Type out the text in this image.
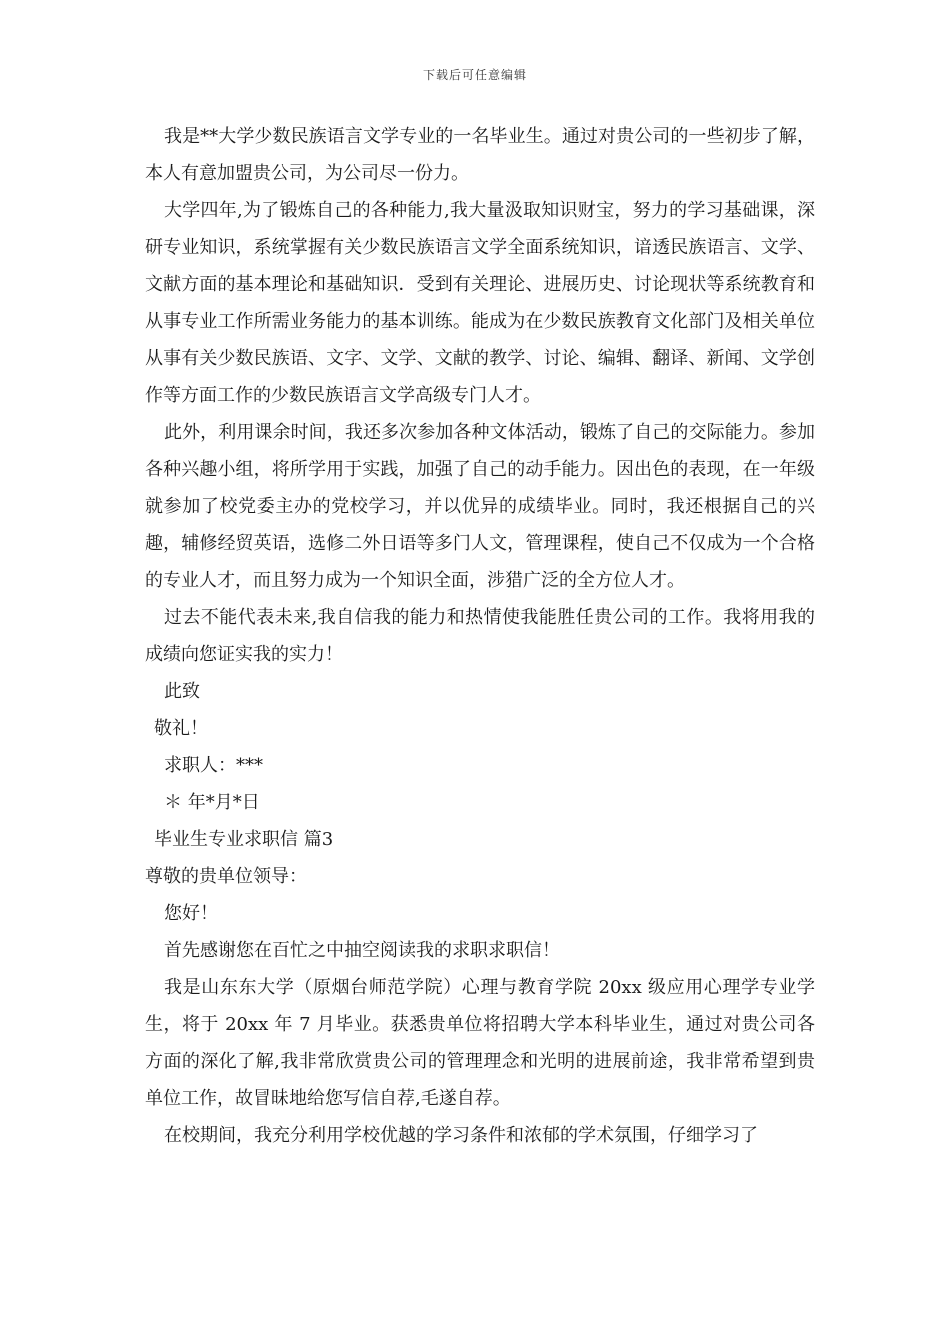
下载后可任意编辑

我是**大学少数民族语言文学专业的一名毕业生。通过对贵公司的一些初步了解，本人有意加盟贵公司，为公司尽一份力。

大学四年,为了锻炼自己的各种能力,我大量汲取知识财宝，努力的学习基础课，深研专业知识，系统掌握有关少数民族语言文学全面系统知识，谙透民族语言、文学、文献方面的基本理论和基础知识．受到有关理论、进展历史、讨论现状等系统教育和从事专业工作所需业务能力的基本训练。能成为在少数民族教育文化部门及相关单位从事有关少数民族语、文字、文学、文献的教学、讨论、编辑、翻译、新闻、文学创作等方面工作的少数民族语言文学高级专门人才。

此外，利用课余时间，我还多次参加各种文体活动，锻炼了自己的交际能力。参加各种兴趣小组，将所学用于实践，加强了自己的动手能力。因出色的表现，在一年级就参加了校党委主办的党校学习，并以优异的成绩毕业。同时，我还根据自己的兴趣，辅修经贸英语，选修二外日语等多门人文，管理课程，使自己不仅成为一个合格的专业人才，而且努力成为一个知识全面，涉猎广泛的全方位人才。

过去不能代表未来,我自信我的能力和热情使我能胜任贵公司的工作。我将用我的成绩向您证实我的实力！

此致

敬礼！

求职人：***

＊ 年*月*日

毕业生专业求职信 篇3

尊敬的贵单位领导：

您好！

首先感谢您在百忙之中抽空阅读我的求职求职信！

我是山东东大学（原烟台师范学院）心理与教育学院 20xx 级应用心理学专业学生，将于 20xx 年 7 月毕业。获悉贵单位将招聘大学本科毕业生，通过对贵公司各方面的深化了解,我非常欣赏贵公司的管理理念和光明的进展前途，我非常希望到贵单位工作，故冒昧地给您写信自荐,毛遂自荐。

在校期间，我充分利用学校优越的学习条件和浓郁的学术氛围，仔细学习了
